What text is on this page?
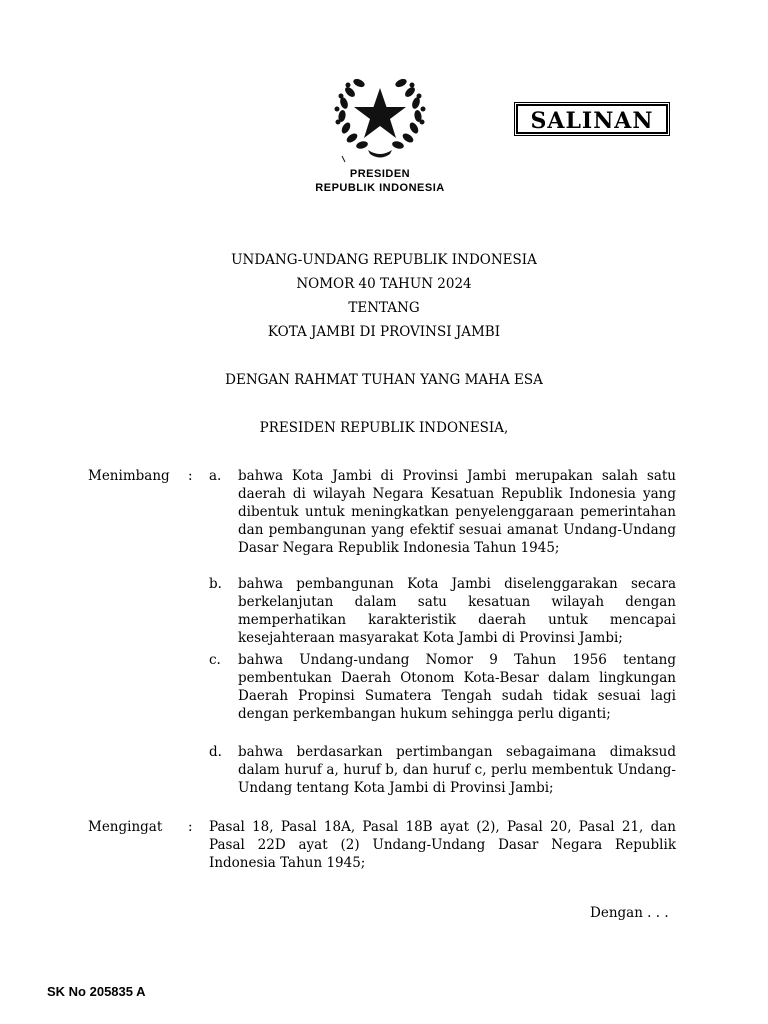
PRESIDEN
REPUBLIK INDONESIA
SALINAN
UNDANG-UNDANG REPUBLIK INDONESIA
NOMOR 40 TAHUN 2024
TENTANG
KOTA JAMBI DI PROVINSI JAMBI
DENGAN RAHMAT TUHAN YANG MAHA ESA
PRESIDEN REPUBLIK INDONESIA,
Menimbang : a. bahwa Kota Jambi di Provinsi Jambi merupakan salah satu daerah di wilayah Negara Kesatuan Republik Indonesia yang dibentuk untuk meningkatkan penyelenggaraan pemerintahan dan pembangunan yang efektif sesuai amanat Undang-Undang Dasar Negara Republik Indonesia Tahun 1945;
b. bahwa pembangunan Kota Jambi diselenggarakan secara berkelanjutan dalam satu kesatuan wilayah dengan memperhatikan karakteristik daerah untuk mencapai kesejahteraan masyarakat Kota Jambi di Provinsi Jambi;
c. bahwa Undang-undang Nomor 9 Tahun 1956 tentang pembentukan Daerah Otonom Kota-Besar dalam lingkungan Daerah Propinsi Sumatera Tengah sudah tidak sesuai lagi dengan perkembangan hukum sehingga perlu diganti;
d. bahwa berdasarkan pertimbangan sebagaimana dimaksud dalam huruf a, huruf b, dan huruf c, perlu membentuk Undang-Undang tentang Kota Jambi di Provinsi Jambi;
Mengingat : Pasal 18, Pasal 18A, Pasal 18B ayat (2), Pasal 20, Pasal 21, dan Pasal 22D ayat (2) Undang-Undang Dasar Negara Republik Indonesia Tahun 1945;
Dengan . . .
SK No 205835 A
